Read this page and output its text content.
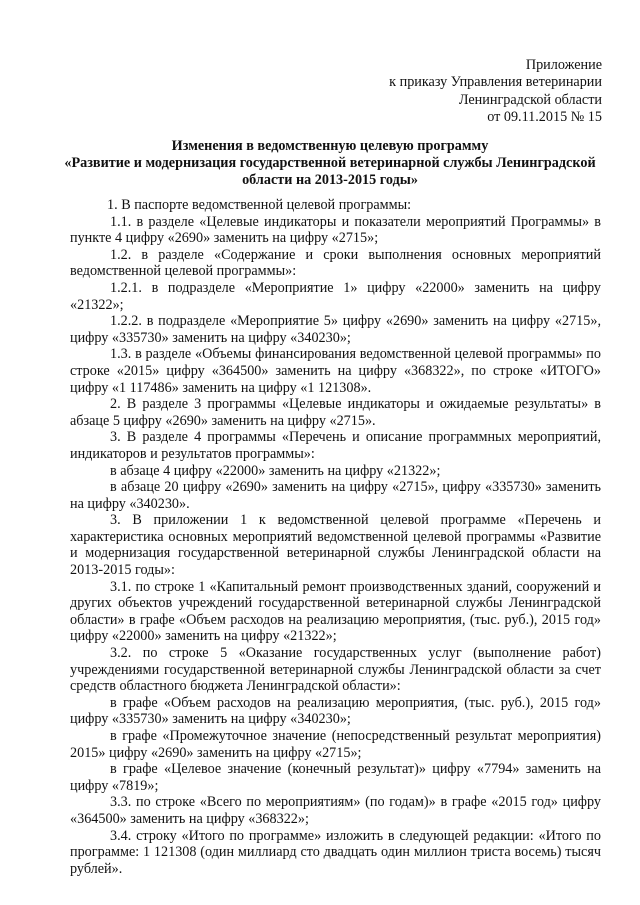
Приложение
к приказу Управления ветеринарии
Ленинградской области
от 09.11.2015 № 15
Изменения в ведомственную целевую программу
«Развитие и модернизация государственной ветеринарной службы Ленинградской
области на 2013-2015 годы»

1. В паспорте ведомственной целевой программы:

1.1. в разделе «Целевые индикаторы и показатели мероприятий Программы» в пункте 4 цифру «2690» заменить на цифру «2715»;

1.2. в разделе «Содержание и сроки выполнения основных мероприятий ведомственной целевой программы»:

1.2.1. в подразделе «Мероприятие 1» цифру «22000» заменить на цифру «21322»;

1.2.2. в подразделе «Мероприятие 5» цифру «2690» заменить на цифру «2715», цифру «335730» заменить на цифру «340230»;

1.3. в разделе «Объемы финансирования ведомственной целевой программы» по строке «2015» цифру «364500» заменить на цифру «368322», по строке «ИТОГО» цифру «1 117486» заменить на цифру «1 121308».

2. В разделе 3 программы «Целевые индикаторы и ожидаемые результаты» в абзаце 5 цифру «2690» заменить на цифру «2715».

3. В разделе 4 программы «Перечень и описание программных мероприятий, индикаторов и результатов программы»:

в абзаце 4 цифру «22000» заменить на цифру «21322»;

в абзаце 20 цифру «2690» заменить на цифру «2715», цифру «335730» заменить на цифру «340230».

3. В приложении 1 к ведомственной целевой программе «Перечень и характеристика основных мероприятий ведомственной целевой программы «Развитие и модернизация государственной ветеринарной службы Ленинградской области на 2013-2015 годы»:

3.1. по строке 1 «Капитальный ремонт производственных зданий, сооружений и других объектов учреждений государственной ветеринарной службы Ленинградской области» в графе «Объем расходов на реализацию мероприятия, (тыс. руб.), 2015 год» цифру «22000» заменить на цифру «21322»;

3.2. по строке 5 «Оказание государственных услуг (выполнение работ) учреждениями государственной ветеринарной службы Ленинградской области за счет средств областного бюджета Ленинградской области»:

в графе «Объем расходов на реализацию мероприятия, (тыс. руб.), 2015 год» цифру «335730» заменить на цифру «340230»;

в графе «Промежуточное значение (непосредственный результат мероприятия) 2015» цифру «2690» заменить на цифру «2715»;

в графе «Целевое значение (конечный результат)» цифру «7794» заменить на цифру «7819»;

3.3. по строке «Всего по мероприятиям» (по годам)» в графе «2015 год» цифру «364500» заменить на цифру «368322»;

3.4. строку «Итого по программе» изложить в следующей редакции: «Итого по программе: 1 121308 (один миллиард сто двадцать один миллион триста восемь) тысяч рублей».
